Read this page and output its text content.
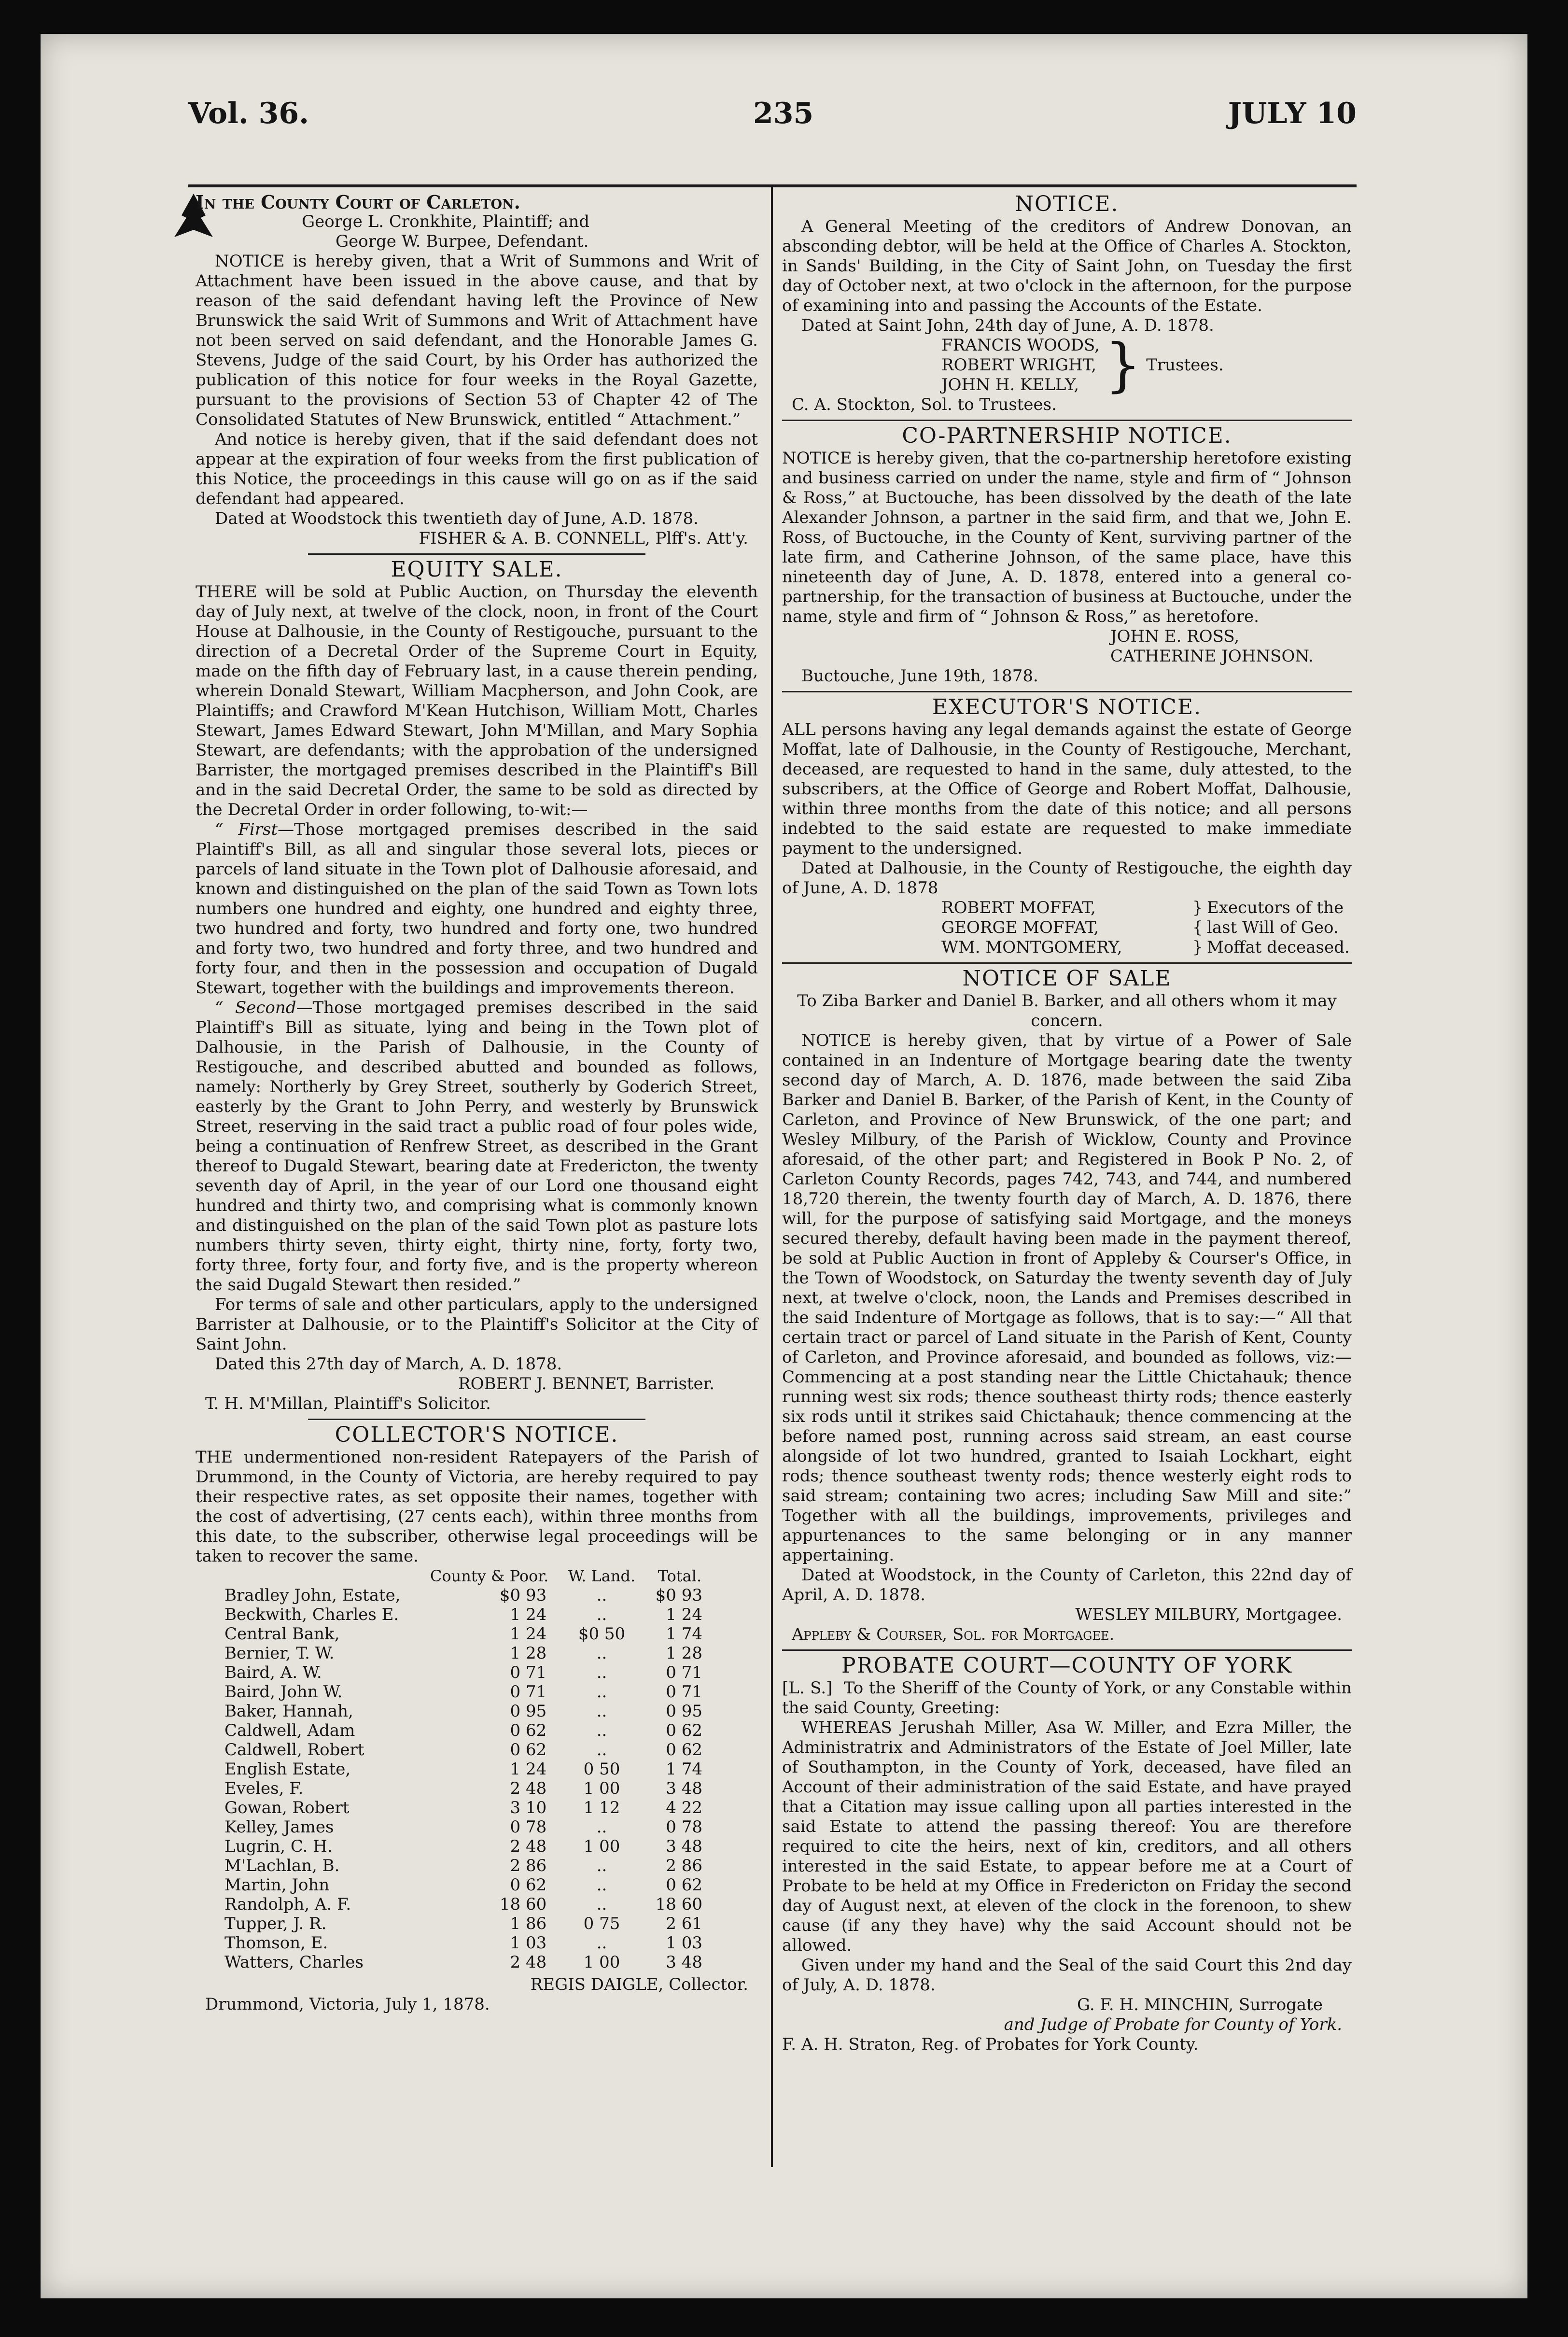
Vol. 36.	235	JULY 10

In the County Court of Carleton.

George L. Cronkhite, Plaintiff; and

George W. Burpee, Defendant.

NOTICE is hereby given, that a Writ of Summons and Writ of Attachment have been issued in the above cause, and that by reason of the said defendant having left the Province of New Brunswick the said Writ of Summons and Writ of Attachment have not been served on said defendant, and the Honorable James G. Stevens, Judge of the said Court, by his Order has authorized the publication of this notice for four weeks in the Royal Gazette, pursuant to the provisions of Section 53 of Chapter 42 of The Consolidated Statutes of New Brunswick, entitled “ Attachment.”

And notice is hereby given, that if the said defendant does not appear at the expiration of four weeks from the first publication of this Notice, the proceedings in this cause will go on as if the said defendant had appeared.

Dated at Woodstock this twentieth day of June, A.D. 1878.

FISHER & A. B. CONNELL, Plff's. Att'y.

EQUITY SALE.

THERE will be sold at Public Auction, on Thursday the eleventh day of July next, at twelve of the clock, noon, in front of the Court House at Dalhousie, in the County of Restigouche, pursuant to the direction of a Decretal Order of the Supreme Court in Equity, made on the fifth day of February last, in a cause therein pending, wherein Donald Stewart, William Macpherson, and John Cook, are Plaintiffs; and Crawford M'Kean Hutchison, William Mott, Charles Stewart, James Edward Stewart, John M'Millan, and Mary Sophia Stewart, are defendants; with the approbation of the undersigned Barrister, the mortgaged premises described in the Plaintiff's Bill and in the said Decretal Order, the same to be sold as directed by the Decretal Order in order following, to-wit:—

“ First—Those mortgaged premises described in the said Plaintiff's Bill, as all and singular those several lots, pieces or parcels of land situate in the Town plot of Dalhousie aforesaid, and known and distinguished on the plan of the said Town as Town lots numbers one hundred and eighty, one hundred and eighty three, two hundred and forty, two hundred and forty one, two hundred and forty two, two hundred and forty three, and two hundred and forty four, and then in the possession and occupation of Dugald Stewart, together with the buildings and improvements thereon.

“ Second—Those mortgaged premises described in the said Plaintiff's Bill as situate, lying and being in the Town plot of Dalhousie, in the Parish of Dalhousie, in the County of Restigouche, and described abutted and bounded as follows, namely: Northerly by Grey Street, southerly by Goderich Street, easterly by the Grant to John Perry, and westerly by Brunswick Street, reserving in the said tract a public road of four poles wide, being a continuation of Renfrew Street, as described in the Grant thereof to Dugald Stewart, bearing date at Fredericton, the twenty seventh day of April, in the year of our Lord one thousand eight hundred and thirty two, and comprising what is commonly known and distinguished on the plan of the said Town plot as pasture lots numbers thirty seven, thirty eight, thirty nine, forty, forty two, forty three, forty four, and forty five, and is the property whereon the said Dugald Stewart then resided.”

For terms of sale and other particulars, apply to the undersigned Barrister at Dalhousie, or to the Plaintiff's Solicitor at the City of Saint John.

Dated this 27th day of March, A. D. 1878.

ROBERT J. BENNET, Barrister.

T. H. M'Millan, Plaintiff's Solicitor.

COLLECTOR'S NOTICE.

THE undermentioned non-resident Ratepayers of the Parish of Drummond, in the County of Victoria, are hereby required to pay their respective rates, as set opposite their names, together with the cost of advertising, (27 cents each), within three months from this date, to the subscriber, otherwise legal proceedings will be taken to recover the same.

	County & Poor.	W. Land.	Total.
Bradley John, Estate,	$0 93	..	$0 93
Beckwith, Charles E.	1 24	..	1 24
Central Bank,	1 24	$0 50	1 74
Bernier, T. W.	1 28	..	1 28
Baird, A. W.	0 71	..	0 71
Baird, John W.	0 71	..	0 71
Baker, Hannah,	0 95	..	0 95
Caldwell, Adam	0 62	..	0 62
Caldwell, Robert	0 62	..	0 62
English Estate,	1 24	0 50	1 74
Eveles, F.	2 48	1 00	3 48
Gowan, Robert	3 10	1 12	4 22
Kelley, James	0 78	..	0 78
Lugrin, C. H.	2 48	1 00	3 48
M'Lachlan, B.	2 86	..	2 86
Martin, John	0 62	..	0 62
Randolph, A. F.	18 60	..	18 60
Tupper, J. R.	1 86	0 75	2 61
Thomson, E.	1 03	..	1 03
Watters, Charles	2 48	1 00	3 48

REGIS DAIGLE, Collector.

Drummond, Victoria, July 1, 1878.

NOTICE.

A General Meeting of the creditors of Andrew Donovan, an absconding debtor, will be held at the Office of Charles A. Stockton, in Sands' Building, in the City of Saint John, on Tuesday the first day of October next, at two o'clock in the afternoon, for the purpose of examining into and passing the Accounts of the Estate.

Dated at Saint John, 24th day of June, A. D. 1878.

FRANCIS WOODS,
ROBERT WRIGHT,
JOHN H. KELLY, } Trustees.

C. A. Stockton, Sol. to Trustees.

CO-PARTNERSHIP NOTICE.

NOTICE is hereby given, that the co-partnership heretofore existing and business carried on under the name, style and firm of “ Johnson & Ross,” at Buctouche, has been dissolved by the death of the late Alexander Johnson, a partner in the said firm, and that we, John E. Ross, of Buctouche, in the County of Kent, surviving partner of the late firm, and Catherine Johnson, of the same place, have this nineteenth day of June, A. D. 1878, entered into a general co-partnership, for the transaction of business at Buctouche, under the name, style and firm of “ Johnson & Ross,” as heretofore.

JOHN E. ROSS,

CATHERINE JOHNSON.

Buctouche, June 19th, 1878.

EXECUTOR'S NOTICE.

ALL persons having any legal demands against the estate of George Moffat, late of Dalhousie, in the County of Restigouche, Merchant, deceased, are requested to hand in the same, duly attested, to the subscribers, at the Office of George and Robert Moffat, Dalhousie, within three months from the date of this notice; and all persons indebted to the said estate are requested to make immediate payment to the undersigned.

Dated at Dalhousie, in the County of Restigouche, the eighth day of June, A. D. 1878

ROBERT MOFFAT,
GEORGE MOFFAT,
WM. MONTGOMERY,
}
{
}
Executors of the
last Will of Geo.
Moffat deceased.
NOTICE OF SALE

To Ziba Barker and Daniel B. Barker, and all others whom it may concern.

NOTICE is hereby given, that by virtue of a Power of Sale contained in an Indenture of Mortgage bearing date the twenty second day of March, A. D. 1876, made between the said Ziba Barker and Daniel B. Barker, of the Parish of Kent, in the County of Carleton, and Province of New Brunswick, of the one part; and Wesley Milbury, of the Parish of Wicklow, County and Province aforesaid, of the other part; and Registered in Book P No. 2, of Carleton County Records, pages 742, 743, and 744, and numbered 18,720 therein, the twenty fourth day of March, A. D. 1876, there will, for the purpose of satisfying said Mortgage, and the moneys secured thereby, default having been made in the payment thereof, be sold at Public Auction in front of Appleby & Courser's Office, in the Town of Woodstock, on Saturday the twenty seventh day of July next, at twelve o'clock, noon, the Lands and Premises described in the said Indenture of Mortgage as follows, that is to say:—“ All that certain tract or parcel of Land situate in the Parish of Kent, County of Carleton, and Province aforesaid, and bounded as follows, viz:—Commencing at a post standing near the Little Chictahauk; thence running west six rods; thence southeast thirty rods; thence easterly six rods until it strikes said Chictahauk; thence commencing at the before named post, running across said stream, an east course alongside of lot two hundred, granted to Isaiah Lockhart, eight rods; thence southeast twenty rods; thence westerly eight rods to said stream; containing two acres; including Saw Mill and site:” Together with all the buildings, improvements, privileges and appurtenances to the same belonging or in any manner appertaining.

Dated at Woodstock, in the County of Carleton, this 22nd day of April, A. D. 1878.

WESLEY MILBURY, Mortgagee.

Appleby & Courser, Sol. for Mortgagee.

PROBATE COURT—COUNTY OF YORK

[L. S.] To the Sheriff of the County of York, or any Constable within the said County, Greeting:

WHEREAS Jerushah Miller, Asa W. Miller, and Ezra Miller, the Administratrix and Administrators of the Estate of Joel Miller, late of Southampton, in the County of York, deceased, have filed an Account of their administration of the said Estate, and have prayed that a Citation may issue calling upon all parties interested in the said Estate to attend the passing thereof: You are therefore required to cite the heirs, next of kin, creditors, and all others interested in the said Estate, to appear before me at a Court of Probate to be held at my Office in Fredericton on Friday the second day of August next, at eleven of the clock in the forenoon, to shew cause (if any they have) why the said Account should not be allowed.

Given under my hand and the Seal of the said Court this 2nd day of July, A. D. 1878.

G. F. H. MINCHIN, Surrogate

and Judge of Probate for County of York.

F. A. H. Straton, Reg. of Probates for York County.
